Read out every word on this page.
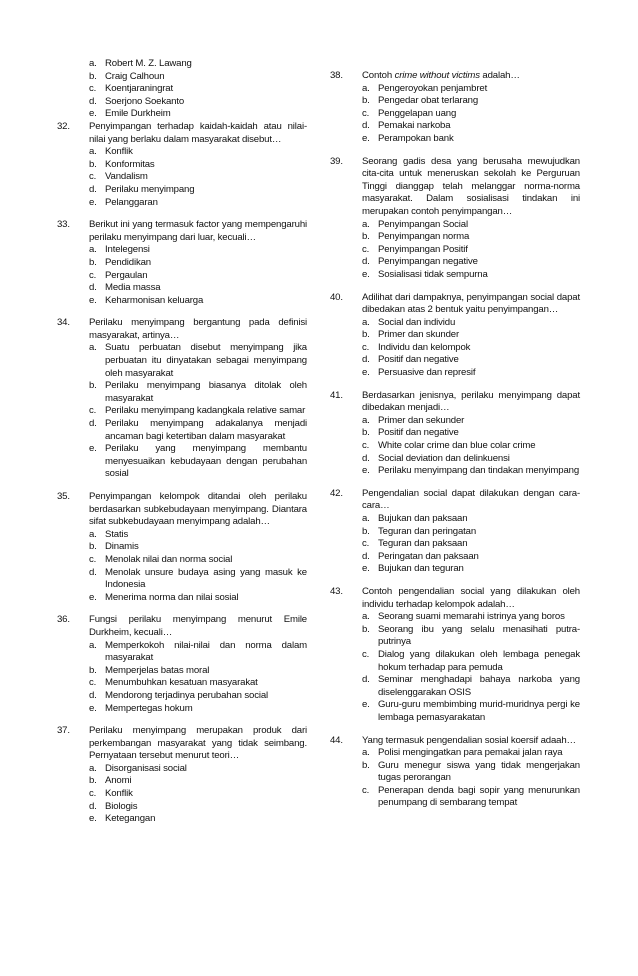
a. Robert M. Z. Lawang
b. Craig Calhoun
c. Koentjaraningrat
d. Soerjono Soekanto
e. Emile Durkheim
32. Penyimpangan terhadap kaidah-kaidah atau nilai-nilai yang berlaku dalam masyarakat disebut…
a. Konflik
b. Konformitas
c. Vandalism
d. Perilaku menyimpang
e. Pelanggaran
33. Berikut ini yang termasuk factor yang mempengaruhi perilaku menyimpang dari luar, kecuali…
a. Intelegensi
b. Pendidikan
c. Pergaulan
d. Media massa
e. Keharmonisan keluarga
34. Perilaku menyimpang bergantung pada definisi masyarakat, artinya…
a. Suatu perbuatan disebut menyimpang jika perbuatan itu dinyatakan sebagai menyimpang oleh masyarakat
b. Perilaku menyimpang biasanya ditolak oleh masyarakat
c. Perilaku menyimpang kadangkala relative samar
d. Perilaku menyimpang adakalanya menjadi ancaman bagi ketertiban dalam masyarakat
e. Perilaku yang menyimpang membantu menyesuaikan kebudayaan dengan perubahan sosial
35. Penyimpangan kelompok ditandai oleh perilaku berdasarkan subkebudayaan menyimpang. Diantara sifat subkebudayaan menyimpang adalah…
a. Statis
b. Dinamis
c. Menolak nilai dan norma social
d. Menolak unsure budaya asing yang masuk ke Indonesia
e. Menerima norma dan nilai sosial
36. Fungsi perilaku menyimpang menurut Emile Durkheim, kecuali…
a. Memperkokoh nilai-nilai dan norma dalam masyarakat
b. Memperjelas batas moral
c. Menumbuhkan kesatuan masyarakat
d. Mendorong terjadinya perubahan social
e. Mempertegas hokum
37. Perilaku menyimpang merupakan produk dari perkembangan masyarakat yang tidak seimbang. Pernyataan tersebut menurut teori…
a. Disorganisasi social
b. Anomi
c. Konflik
d. Biologis
e. Ketegangan
38. Contoh crime without victims adalah…
a. Pengeroyokan penjambret
b. Pengedar obat terlarang
c. Penggelapan uang
d. Pemakai narkoba
e. Perampokan bank
39. Seorang gadis desa yang berusaha mewujudkan cita-cita untuk meneruskan sekolah ke Perguruan Tinggi dianggap telah melanggar norma-norma masyarakat. Dalam sosialisasi tindakan ini merupakan contoh penyimpangan…
a. Penyimpangan Social
b. Penyimpangan norma
c. Penyimpangan Positif
d. Penyimpangan negative
e. Sosialisasi tidak sempurna
40. Adilihat dari dampaknya, penyimpangan social dapat dibedakan atas 2 bentuk yaitu penyimpangan…
a. Social dan individu
b. Primer dan skunder
c. Individu dan kelompok
d. Positif dan negative
e. Persuasive dan represif
41. Berdasarkan jenisnya, perilaku menyimpang dapat dibedakan menjadi…
a. Primer dan sekunder
b. Positif dan negative
c. White colar crime dan blue colar crime
d. Social deviation dan delinkuensi
e. Perilaku menyimpang dan tindakan menyimpang
42. Pengendalian social dapat dilakukan dengan cara-cara…
a. Bujukan dan paksaan
b. Teguran dan peringatan
c. Teguran dan paksaan
d. Peringatan dan paksaan
e. Bujukan dan teguran
43. Contoh pengendalian social yang dilakukan oleh individu terhadap kelompok adalah…
a. Seorang suami memarahi istrinya yang boros
b. Seorang ibu yang selalu menasihati putra-putrinya
c. Dialog yang dilakukan oleh lembaga penegak hokum terhadap para pemuda
d. Seminar menghadapi bahaya narkoba yang diselenggarakan OSIS
e. Guru-guru membimbing murid-muridnya pergi ke lembaga pemasyarakatan
44. Yang termasuk pengendalian sosial koersif adaah…
a. Polisi mengingatkan para pemakai jalan raya
b. Guru menegur siswa yang tidak mengerjakan tugas perorangan
c. Penerapan denda bagi sopir yang menurunkan penumpang di sembarang tempat
